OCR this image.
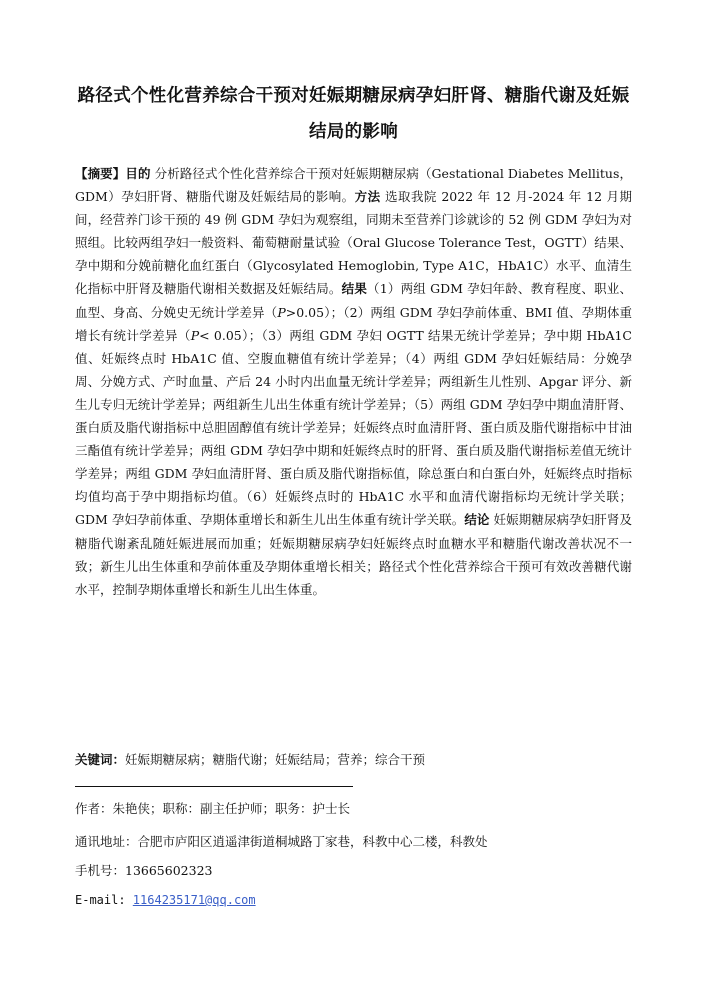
路径式个性化营养综合干预对妊娠期糖尿病孕妇肝肾、糖脂代谢及妊娠结局的影响
【摘要】目的 分析路径式个性化营养综合干预对妊娠期糖尿病（Gestational Diabetes Mellitus，GDM）孕妇肝肾、糖脂代谢及妊娠结局的影响。方法 选取我院 2022 年 12 月-2024 年 12 月期间，经营养门诊干预的 49 例 GDM 孕妇为观察组，同期未至营养门诊就诊的 52 例 GDM 孕妇为对照组。比较两组孕妇一般资料、葡萄糖耐量试验（Oral Glucose Tolerance Test，OGTT）结果、孕中期和分娩前糖化血红蛋白（Glycosylated Hemoglobin, Type A1C，HbA1C）水平、血清生化指标中肝肾及糖脂代谢相关数据及妊娠结局。结果（1）两组 GDM 孕妇年龄、教育程度、职业、血型、身高、分娩史无统计学差异（P>0.05）；（2）两组 GDM 孕妇孕前体重、BMI 值、孕期体重增长有统计学差异（P< 0.05）；（3）两组 GDM 孕妇 OGTT 结果无统计学差异；孕中期 HbA1C 值、妊娠终点时 HbA1C 值、空腹血糖值有统计学差异；（4）两组 GDM 孕妇妊娠结局：分娩孕周、分娩方式、产时血量、产后 24 小时内出血量无统计学差异；两组新生儿性别、Apgar 评分、新生儿专归无统计学差异；两组新生儿出生体重有统计学差异；（5）两组 GDM 孕妇孕中期血清肝肾、蛋白质及脂代谢指标中总胆固醇值有统计学差异；妊娠终点时血清肝肾、蛋白质及脂代谢指标中甘油三酯值有统计学差异；两组 GDM 孕妇孕中期和妊娠终点时的肝肾、蛋白质及脂代谢指标差值无统计学差异；两组 GDM 孕妇血清肝肾、蛋白质及脂代谢指标值，除总蛋白和白蛋白外，妊娠终点时指标均值均高于孕中期指标均值。（6）妊娠终点时的 HbA1C 水平和血清代谢指标均无统计学关联；GDM 孕妇孕前体重、孕期体重增长和新生儿出生体重有统计学关联。结论 妊娠期糖尿病孕妇肝肾及糖脂代谢紊乱随妊娠进展而加重；妊娠期糖尿病孕妇妊娠终点时血糖水平和糖脂代谢改善状况不一致；新生儿出生体重和孕前体重及孕期体重增长相关；路径式个性化营养综合干预可有效改善糖代谢水平，控制孕期体重增长和新生儿出生体重。
关键词：妊娠期糖尿病；糖脂代谢；妊娠结局；营养；综合干预
作者：朱艳侠；职称：副主任护师；职务：护士长
通讯地址：合肥市庐阳区逍遥津街道桐城路丁家巷，科教中心二楼，科教处
手机号：13665602323
E-mail: 1164235171@qq.com
